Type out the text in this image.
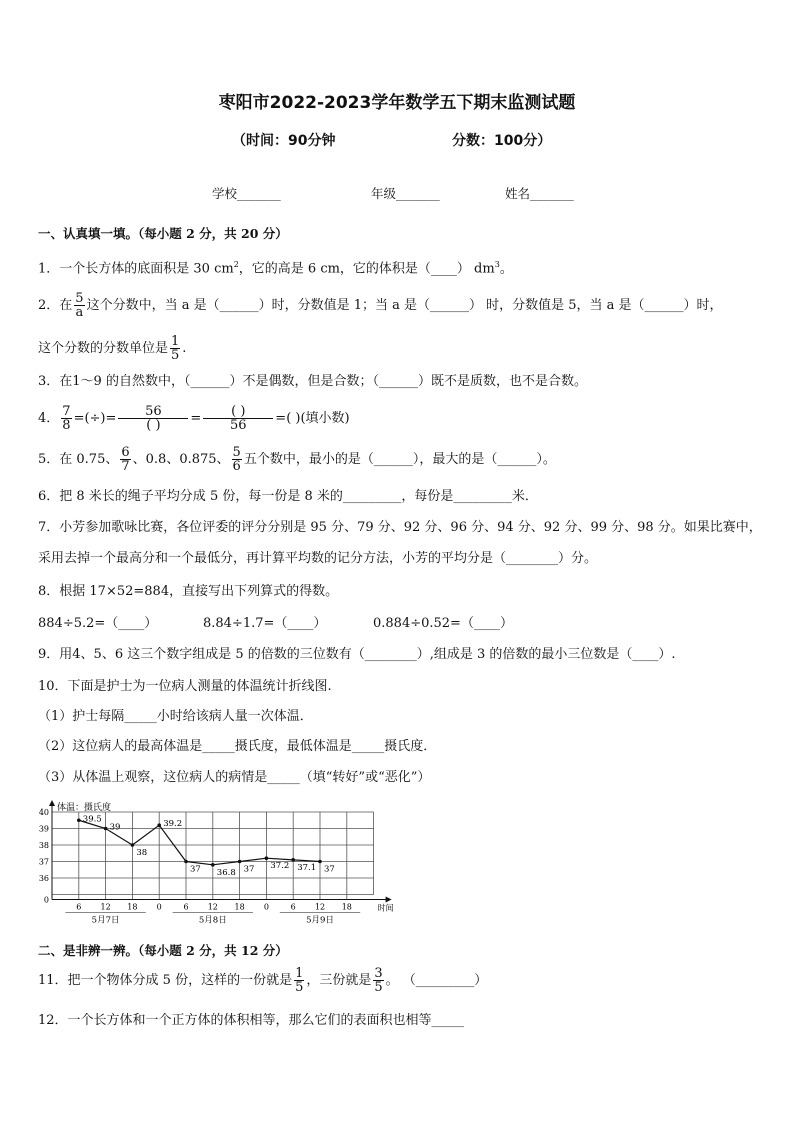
枣阳市2022-2023学年数学五下期末监测试题
（时间：90分钟	分数：100分）
学校_______	年级_______	姓名_______
一、认真填一填。（每小题 2 分，共 20 分）
1．一个长方体的底面积是 30 $cm^2$，它的高是 6 cm，它的体积是（____） $dm^3$。
2．在 $\frac{5}{a}$ 这个分数中，当 a 是（______）时，分数值是 1；当 a 是（______） 时，分数值是 5，当 a 是（______）时，
这个分数的分数单位是 $\frac{1}{5}$ .
3．在1～9 的自然数中，（______）不是偶数，但是合数；（______）既不是质数，也不是合数。
4． $\frac{7}{8}$ =(÷)= $\frac{56}{( )} = \frac{( )}{56}$ =( )(填小数)
5．在 0.75、 $\frac{6}{7}$ 、0.8、0.875、 $\frac{5}{6}$ 五个数中，最小的是（______），最大的是（______）。
6．把 8 米长的绳子平均分成 5 份，每一份是 8 米的_________，每份是_________米．
7．小芳参加歌咏比赛，各位评委的评分分别是 95 分、79 分、92 分、96 分、94 分、92 分、99 分、98 分。如果比赛中，
采用去掉一个最高分和一个最低分，再计算平均数的记分方法，小芳的平均分是（________）分。
8．根据 17×52=884，直接写出下列算式的得数。
884÷5.2=（____）	8.84÷1.7=（____）	0.884÷0.52=（____）
9．用4、5、6 这三个数字组成是 5 的倍数的三位数有（________）,组成是 3 的倍数的最小三位数是（____）.
10．下面是护士为一位病人测量的体温统计折线图.
（1）护士每隔_____小时给该病人量一次体温．
（2）这位病人的最高体温是_____摄氏度，最低体温是_____摄氏度．
（3）从体温上观察，这位病人的病情是_____（填“转好”或“恶化”）
体温：摄氏度
时间
40
39
38
37
36
0
6 12 18 0	6 12 18 0	6 12 18
5月7日	5月8日	5月9日
39.5
39
38
39.2
37 36.8 37 37.2 37.1 37
二、是非辨一辨。（每小题 2 分，共 12 分）
11．把一个物体分成 5 份，这样的一份就是 $\frac{1}{5}$ ，三份就是 $\frac{3}{5}$ 。 （_________）
12．一个长方体和一个正方体的体积相等，那么它们的表面积也相等_____
